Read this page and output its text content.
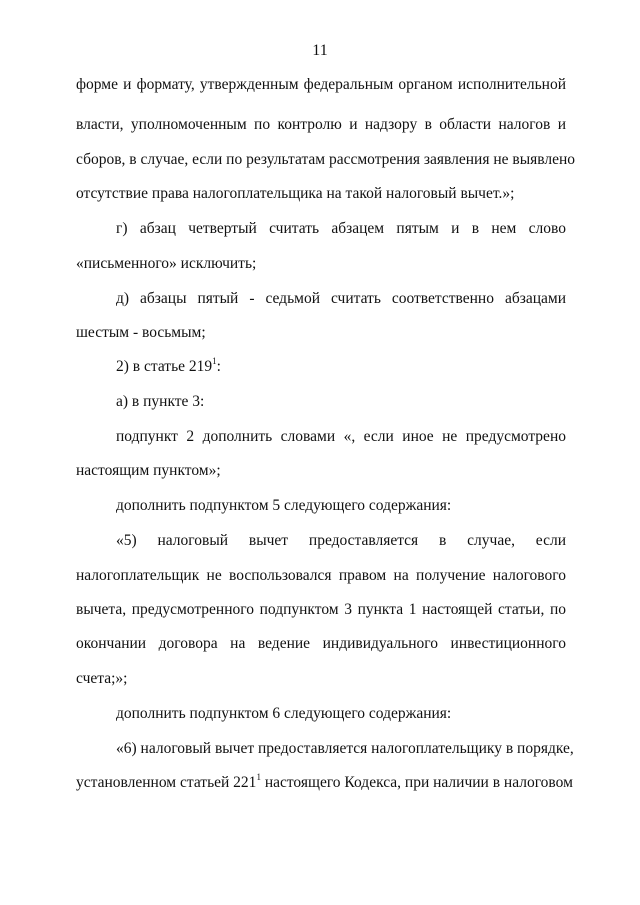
11
форме и формату, утвержденным федеральным органом исполнительной
власти, уполномоченным по контролю и надзору в области налогов и
сборов, в случае, если по результатам рассмотрения заявления не выявлено
отсутствие права налогоплательщика на такой налоговый вычет.»;
г) абзац четвертый считать абзацем пятым и в нем слово
«письменного» исключить;
д) абзацы пятый - седьмой считать соответственно абзацами
шестым - восьмым;
2) в статье $219^1$:
а) в пункте 3:
подпункт 2 дополнить словами «, если иное не предусмотрено
настоящим пунктом»;
дополнить подпунктом 5 следующего содержания:
«5) налоговый вычет предоставляется в случае, если
налогоплательщик не воспользовался правом на получение налогового
вычета, предусмотренного подпунктом 3 пункта 1 настоящей статьи, по
окончании договора на ведение индивидуального инвестиционного
счета;»;
дополнить подпунктом 6 следующего содержания:
«6) налоговый вычет предоставляется налогоплательщику в порядке,
установленном статьей $221^1$ настоящего Кодекса, при наличии в налоговом
